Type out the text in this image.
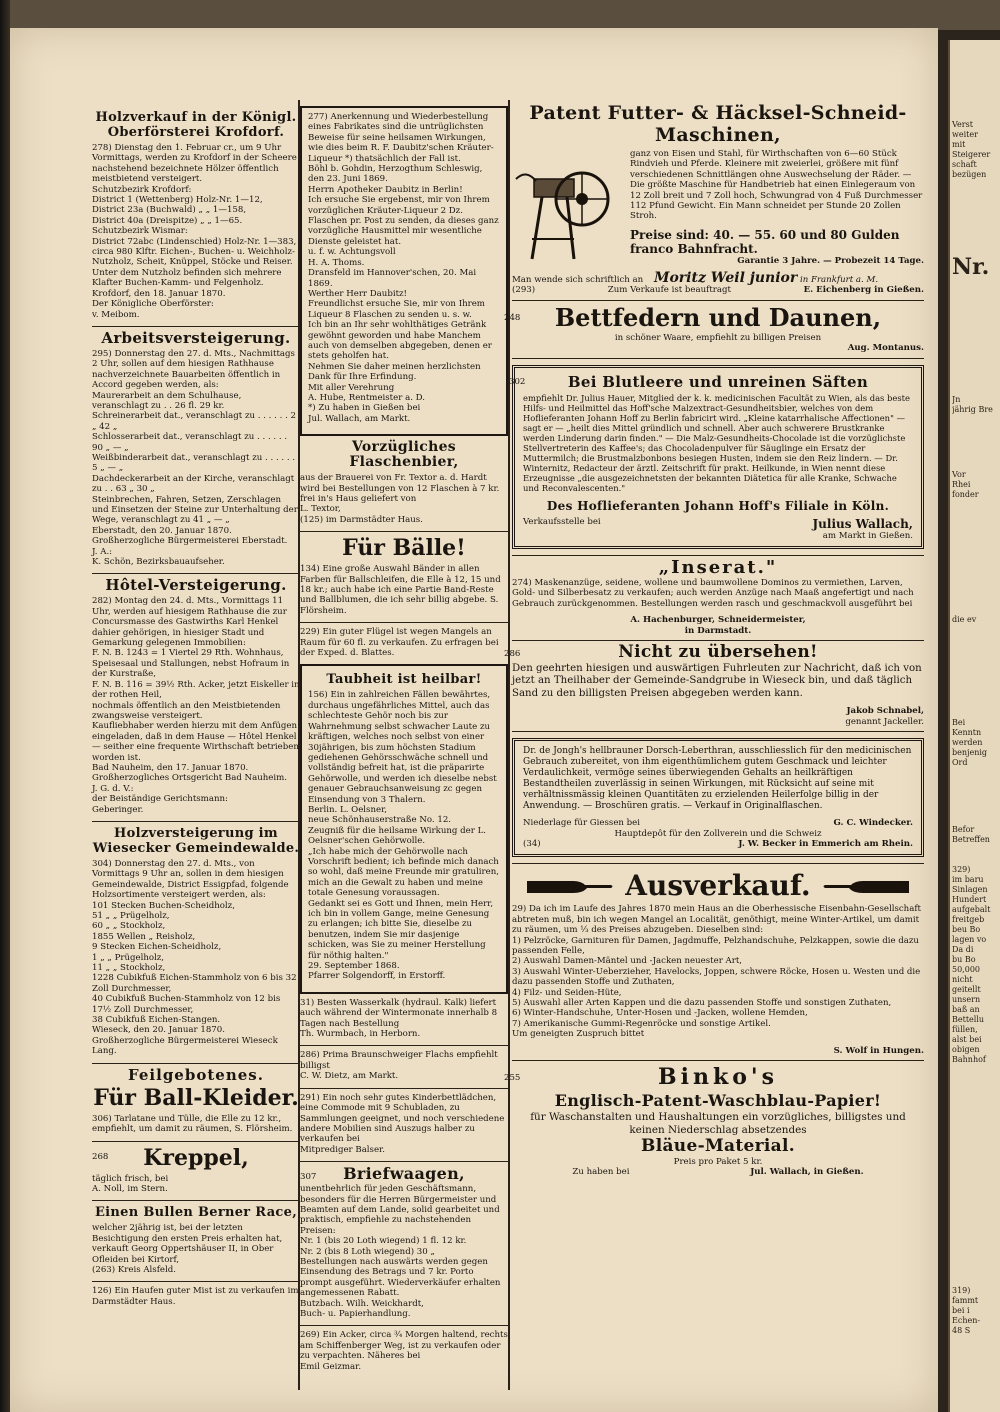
Holzverkauf in der Königl. Oberförsterei Krofdorf.
278) Dienstag den 1. Februar cr., um 9 Uhr Vormittags, werden zu Krofdorf in der Scheere nachstehend bezeichnete Hölzer öffentlich meistbietend versteigert.
Schutzbezirk Krofdorf:
District 1 (Wettenberg) Holz-Nr. 1—12,
District 23a (Buchwald) „ „ 1—158,
District 40a (Dreispitze) „ „ 1—65.
Schutzbezirk Wismar:
District 72abc (Lindenschied) Holz-Nr. 1—383,
circa 980 Klftr. Eichen-, Buchen- u. Weichholz-Nutzholz, Scheit, Knüppel, Stöcke und Reiser.
Unter dem Nutzholz befinden sich mehrere Klafter Buchen-Kamm- und Felgenholz.
Krofdorf, den 18. Januar 1870.
Der Königliche Oberförster:
v. Meibom.
Arbeitsversteigerung.
295) Donnerstag den 27. d. Mts., Nachmittags 2 Uhr, sollen auf dem hiesigen Rathhause nachverzeichnete Bauarbeiten öffentlich in Accord gegeben werden, als:
Maurerarbeit an dem Schulhause, veranschlagt zu . . 26 fl. 29 kr.
Schreinerarbeit dat., veranschlagt zu . . . . . . 2 „ 42 „
Schlosserarbeit dat., veranschlagt zu . . . . . . 90 „ — „
Weißbinderarbeit dat., veranschlagt zu . . . . . . 5 „ — „
Dachdeckerarbeit an der Kirche, veranschlagt zu . . 63 „ 30 „
Steinbrechen, Fahren, Setzen, Zerschlagen und Einsetzen der Steine zur Unterhaltung der Wege, veranschlagt zu 41 „ — „
Eberstadt, den 20. Januar 1870.
Großherzogliche Bürgermeisterei Eberstadt.
J. A.:
K. Schön, Bezirksbauaufseher.
Hôtel-Versteigerung.
282) Montag den 24. d. Mts., Vormittags 11 Uhr, werden auf hiesigem Rathhause die zur Concursmasse des Gastwirths Karl Henkel dahier gehörigen, in hiesiger Stadt und Gemarkung gelegenen Immobilien:
F. N. B. 1243 = 1 Viertel 29 Rth. Wohnhaus, Speisesaal und Stallungen, nebst Hofraum in der Kurstraße,
F. N. B. 116 = 39½ Rth. Acker, jetzt Eiskeller in der rothen Heil,
nochmals öffentlich an den Meistbietenden zwangsweise versteigert.
Kaufliebhaber werden hierzu mit dem Anfügen eingeladen, daß in dem Hause — Hôtel Henkel — seither eine frequente Wirthschaft betrieben worden ist.
Bad Nauheim, den 17. Januar 1870.
Großherzogliches Ortsgericht Bad Nauheim.
J. G. d. V.:
der Beiständige Gerichtsmann:
Geberinger.
Holzversteigerung im Wiesecker Gemeindewalde.
304) Donnerstag den 27. d. Mts., von Vormittags 9 Uhr an, sollen in dem hiesigen Gemeindewalde, District Essigpfad, folgende Holzsortimente versteigert werden, als:
101 Stecken Buchen-Scheidholz,
51 „ „ Prügelholz,
60 „ „ Stockholz,
1855 Wellen „ Reisholz,
9 Stecken Eichen-Scheidholz,
1 „ „ Prügelholz,
11 „ „ Stockholz,
1228 Cubikfuß Eichen-Stammholz von 6 bis 32 Zoll Durchmesser,
40 Cubikfuß Buchen-Stammholz von 12 bis 17½ Zoll Durchmesser,
38 Cubikfuß Eichen-Stangen.
Wieseck, den 20. Januar 1870.
Großherzogliche Bürgermeisterei Wieseck
Lang.
Feilgebotenes.
Für Ball-Kleider.
306) Tarlatane und Tülle, die Elle zu 12 kr., empfiehlt, um damit zu räumen, S. Flörsheim.
268	Kreppel,
täglich frisch, bei
A. Noll, im Stern.
Einen Bullen Berner Race,
welcher 2jährig ist, bei der letzten Besichtigung den ersten Preis erhalten hat, verkauft Georg Oppertshäuser II, in Ober Ofleiden bei Kirtorf,
(263) Kreis Alsfeld.
126) Ein Haufen guter Mist ist zu verkaufen im Darmstädter Haus.
277) Anerkennung und Wiederbestellung eines Fabrikates sind die untrüglichsten Beweise für seine heilsamen Wirkungen, wie dies beim R. F. Daubitz'schen Kräuter-Liqueur *) thatsächlich der Fall ist.
Böhl b. Gohdin, Herzogthum Schleswig, den 23. Juni 1869.
Herrn Apotheker Daubitz in Berlin!
Ich ersuche Sie ergebenst, mir von Ihrem vorzüglichen Kräuter-Liqueur 2 Dz. Flaschen pr. Post zu senden, da dieses ganz vorzügliche Hausmittel mir wesentliche Dienste geleistet hat.
u. f. w. Achtungsvoll
H. A. Thoms.
Dransfeld im Hannover'schen, 20. Mai 1869.
Werther Herr Daubitz!
Freundlichst ersuche Sie, mir von Ihrem Liqueur 8 Flaschen zu senden u. s. w.
Ich bin an Ihr sehr wohlthätiges Getränk gewöhnt geworden und habe Manchem auch von demselben abgegeben, denen er stets geholfen hat.
Nehmen Sie daher meinen herzlichsten Dank für Ihre Erfindung.
Mit aller Verehrung
A. Hube, Rentmeister a. D.
*) Zu haben in Gießen bei
Jul. Wallach, am Markt.
Vorzügliches Flaschenbier,
aus der Brauerei von Fr. Textor a. d. Hardt wird bei Bestellungen von 12 Flaschen à 7 kr. frei in's Haus geliefert von
L. Textor,
(125) im Darmstädter Haus.
Für Bälle!
134) Eine große Auswahl Bänder in allen Farben für Ballschleifen, die Elle à 12, 15 und 18 kr.; auch habe ich eine Partie Band-Reste und Ballblumen, die ich sehr billig abgebe. S. Flörsheim.
229) Ein guter Flügel ist wegen Mangels an Raum für 60 fl. zu verkaufen. Zu erfragen bei der Exped. d. Blattes.
Taubheit ist heilbar!
156) Ein in zahlreichen Fällen bewährtes, durchaus ungefährliches Mittel, auch das schlechteste Gehör noch bis zur Wahrnehmung selbst schwacher Laute zu kräftigen, welches noch selbst von einer 30jährigen, bis zum höchsten Stadium gediehenen Gehörsschwäche schnell und vollständig befreit hat, ist die präparirte Gehörwolle, und werden ich dieselbe nebst genauer Gebrauchsanweisung zc gegen Einsendung von 3 Thalern.
Berlin. L. Oelsner,
neue Schönhauserstraße No. 12.
Zeugniß für die heilsame Wirkung der L. Oelsner'schen Gehörwolle.
„Ich habe mich der Gehörwolle nach Vorschrift bedient; ich befinde mich danach so wohl, daß meine Freunde mir gratuliren, mich an die Gewalt zu haben und meine totale Genesung voraussagen.
Gedankt sei es Gott und Ihnen, mein Herr, ich bin in vollem Gange, meine Genesung zu erlangen; ich bitte Sie, dieselbe zu benutzen, indem Sie mir dasjenige schicken, was Sie zu meiner Herstellung für nöthig halten."
29. September 1868.
Pfarrer Solgendorff, in Erstorff.
31) Besten Wasserkalk (hydraul. Kalk) liefert auch während der Wintermonate innerhalb 8 Tagen nach Bestellung
Th. Wurmbach, in Herborn.
286) Prima Braunschweiger Flachs empfiehlt billigst
C. W. Dietz, am Markt.
291) Ein noch sehr gutes Kinderbettlädchen, eine Commode mit 9 Schubladen, zu Sammlungen geeignet, und noch verschiedene andere Mobilien sind Auszugs halber zu verkaufen bei
Mitprediger Balser.
307	Briefwaagen,
unentbehrlich für jeden Geschäftsmann, besonders für die Herren Bürgermeister und Beamten auf dem Lande, solid gearbeitet und praktisch, empfiehle zu nachstehenden Preisen:
Nr. 1 (bis 20 Loth wiegend) 1 fl. 12 kr.
Nr. 2 (bis 8 Loth wiegend) 30 „
Bestellungen nach auswärts werden gegen Einsendung des Betrags und 7 kr. Porto prompt ausgeführt. Wiederverkäufer erhalten angemessenen Rabatt.
Butzbach. Wilh. Weickhardt,
Buch- u. Papierhandlung.
269) Ein Acker, circa ¾ Morgen haltend, rechts am Schiffenberger Weg, ist zu verkaufen oder zu verpachten. Näheres bei
Emil Geizmar.
Patent Futter- & Häcksel-Schneid-Maschinen,
ganz von Eisen und Stahl, für Wirthschaften von 6—60 Stück Rindvieh und Pferde. Kleinere mit zweierlei, größere mit fünf verschiedenen Schnittlängen ohne Auswechselung der Räder. — Die größte Maschine für Handbetrieb hat einen Einlegeraum von 12 Zoll breit und 7 Zoll hoch, Schwungrad von 4 Fuß Durchmesser 112 Pfund Gewicht. Ein Mann schneidet per Stunde 20 Zollen Stroh.
Preise sind: 40. — 55. 60 und 80 Gulden franco Bahnfracht.
Garantie 3 Jahre. — Probezeit 14 Tage.
Man wende sich schriftlich an Moritz Weil junior in Frankfurt a. M.
(293)	Zum Verkaufe ist beauftragt	E. Eichenberg in Gießen.
248	Bettfedern und Daunen,
in schöner Waare, empfiehlt zu billigen Preisen
Aug. Montanus.
302	Bei Blutleere und unreinen Säften
empfiehlt Dr. Julius Hauer, Mitglied der k. k. medicinischen Facultät zu Wien, als das beste Hilfs- und Heilmittel das Hoff'sche Malzextract-Gesundheitsbier, welches von dem Hoflieferanten Johann Hoff zu Berlin fabricirt wird. „Kleine katarrhalische Affectionen" — sagt er — „heilt dies Mittel gründlich und schnell. Aber auch schwerere Brustkranke werden Linderung darin finden." — Die Malz-Gesundheits-Chocolade ist die vorzüglichste Stellvertreterin des Kaffee's; das Chocoladenpulver für Säuglinge ein Ersatz der Muttermilch; die Brustmalzbonbons besiegen Husten, indem sie den Reiz lindern. — Dr. Winternitz, Redacteur der ärztl. Zeitschrift für prakt. Heilkunde, in Wien nennt diese Erzeugnisse „die ausgezeichnetsten der bekannten Diätetica für alle Kranke, Schwache und Reconvalescenten."
Des Hoflieferanten Johann Hoff's Filiale in Köln.
Verkaufsstelle bei	Julius Wallach,
am Markt in Gießen.
„Inserat."
274) Maskenanzüge, seidene, wollene und baumwollene Dominos zu vermiethen, Larven, Gold- und Silberbesatz zu verkaufen; auch werden Anzüge nach Maaß angefertigt und nach Gebrauch zurückgenommen. Bestellungen werden rasch und geschmackvoll ausgeführt bei
A. Hachenburger, Schneidermeister,
in Darmstadt.
286	Nicht zu übersehen!
Den geehrten hiesigen und auswärtigen Fuhrleuten zur Nachricht, daß ich von jetzt an Theilhaber der Gemeinde-Sandgrube in Wieseck bin, und daß täglich Sand zu den billigsten Preisen abgegeben werden kann.
Jakob Schnabel,
genannt Jackeller.
Dr. de Jongh's hellbrauner Dorsch-Leberthran, ausschliesslich für den medicinischen Gebrauch zubereitet, von ihm eigenthümlichem gutem Geschmack und leichter Verdaulichkeit, vermöge seines überwiegenden Gehalts an heilkräftigen Bestandtheilen zuverlässig in seinen Wirkungen, mit Rücksicht auf seine mit verhältnissmässig kleinen Quantitäten zu erzielenden Heilerfolge billig in der Anwendung. — Broschüren gratis. — Verkauf in Originalflaschen.
Niederlage für Giessen bei	G. C. Windecker.
Hauptdepôt für den Zollverein und die Schweiz
(34)	J. W. Becker in Emmerich am Rhein.
Ausverkauf.
29) Da ich im Laufe des Jahres 1870 mein Haus an die Oberhessische Eisenbahn-Gesellschaft abtreten muß, bin ich wegen Mangel an Localität, genöthigt, meine Winter-Artikel, um damit zu räumen, um ⅓ des Preises abzugeben. Dieselben sind:
1) Pelzröcke, Garnituren für Damen, Jagdmuffe, Pelzhandschuhe, Pelzkappen, sowie die dazu passenden Felle,
2) Auswahl Damen-Mäntel und -Jacken neuester Art,
3) Auswahl Winter-Ueberzieher, Havelocks, Joppen, schwere Röcke, Hosen u. Westen und die dazu passenden Stoffe und Zuthaten,
4) Filz- und Seiden-Hüte,
5) Auswahl aller Arten Kappen und die dazu passenden Stoffe und sonstigen Zuthaten,
6) Winter-Handschuhe, Unter-Hosen und -Jacken, wollene Hemden,
7) Amerikanische Gummi-Regenröcke und sonstige Artikel.
Um geneigten Zuspruch bittet
S. Wolf in Hungen.
255	Binko's
Englisch-Patent-Waschblau-Papier!
für Waschanstalten und Haushaltungen ein vorzügliches, billigstes und keinen Niederschlag absetzendes
Bläue-Material.
Preis pro Paket 5 kr.
Zu haben bei	Jul. Wallach, in Gießen.
Verst weiter
mit Steigerer
schaft bezügen
Nr.
Jn
jährig Bre
Vor
Rhei
fonder
die ev
Bei
Kenntn
werden
benjenig
Ord
Befor
Betreffen
329)
im baru
Sinlagen
Hundert
aufgebalt
freitgeb
beu Bo
lagen vo
Da di
bu Bo
50,000
nicht
geitellt
unsern
baß an
Bettellu
füllen,
alst bei
obigen
Bahnhof
319)
fammt
bei i
Echen-
48 S
